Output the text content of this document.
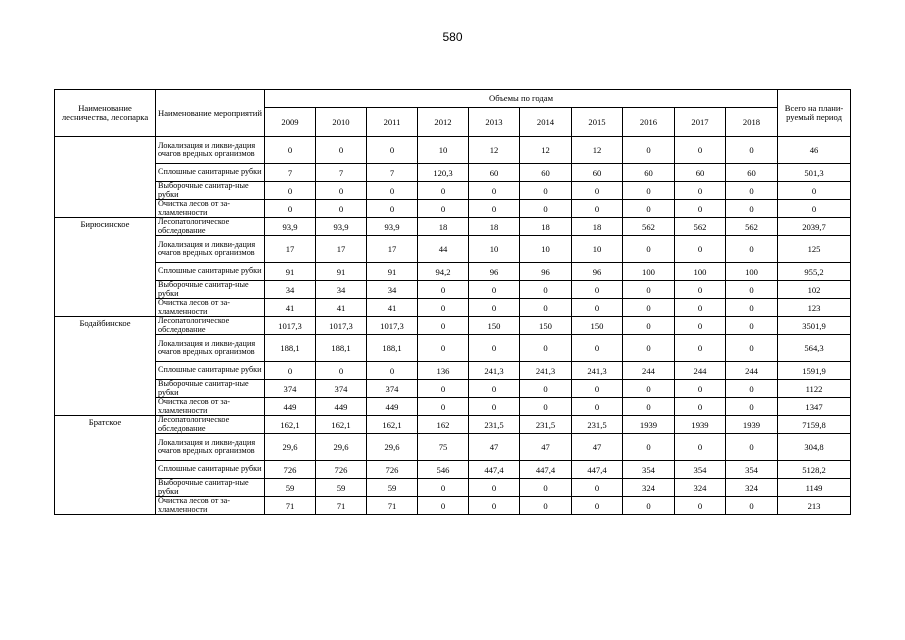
580
Наименование лесничества, лесопарка	Наименование мероприятий	Объемы по годам										Всего на плани-руемый период
		2009	2010	2011	2012	2013	2014	2015	2016	2017	2018	
	Локализация и ликви-дация очагов вредных организмов	0	0	0	10	12	12	12	0	0	0	46
	Сплошные санитарные рубки	7	7	7	120,3	60	60	60	60	60	60	501,3
	Выборочные санитар-ные рубки	0	0	0	0	0	0	0	0	0	0	0
	Очистка лесов от за-хламленности	0	0	0	0	0	0	0	0	0	0	0
Бирюсинское	Лесопатологическое обследование	93,9	93,9	93,9	18	18	18	18	562	562	562	2039,7
	Локализация и ликви-дация очагов вредных организмов	17	17	17	44	10	10	10	0	0	0	125
	Сплошные санитарные рубки	91	91	91	94,2	96	96	96	100	100	100	955,2
	Выборочные санитар-ные рубки	34	34	34	0	0	0	0	0	0	0	102
	Очистка лесов от за-хламленности	41	41	41	0	0	0	0	0	0	0	123
Бодайбинское	Лесопатологическое обследование	1017,3	1017,3	1017,3	0	150	150	150	0	0	0	3501,9
	Локализация и ликви-дация очагов вредных организмов	188,1	188,1	188,1	0	0	0	0	0	0	0	564,3
	Сплошные санитарные рубки	0	0	0	136	241,3	241,3	241,3	244	244	244	1591,9
	Выборочные санитар-ные рубки	374	374	374	0	0	0	0	0	0	0	1122
	Очистка лесов от за-хламленности	449	449	449	0	0	0	0	0	0	0	1347
Братское	Лесопатологическое обследование	162,1	162,1	162,1	162	231,5	231,5	231,5	1939	1939	1939	7159,8
	Локализация и ликви-дация очагов вредных организмов	29,6	29,6	29,6	75	47	47	47	0	0	0	304,8
	Сплошные санитарные рубки	726	726	726	546	447,4	447,4	447,4	354	354	354	5128,2
	Выборочные санитар-ные рубки	59	59	59	0	0	0	0	324	324	324	1149
	Очистка лесов от за-хламленности	71	71	71	0	0	0	0	0	0	0	213
